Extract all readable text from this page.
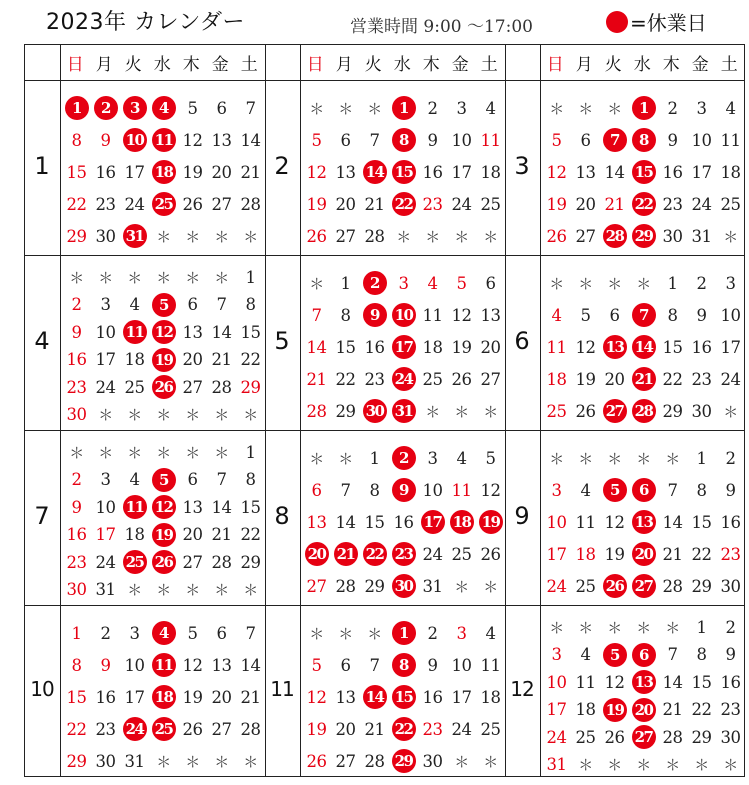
2023年 カレンダー	営業時間 9:00 ～17:00	=休業日
日 月 火 水 木 金 土	日 月 火 水 木 金 土	日 月 火 水 木 金 土
1
1	2	3	4	5	6	7
8	9	10 11 12 13 14
15 16 17 18 19 20 21
22 23 24 25 26 27 28
29 30 31 ＊ ＊ ＊ ＊
2
＊ ＊ ＊	1	2	3	4
5	6	7	8	9 10 11
12 13 14 15 16 17 18
19 20 21 22 23 24 25
26 27 28 ＊ ＊ ＊ ＊
3
＊ ＊ ＊	1	2	3	4
5	6	7	8	9 10 11
12 13 14 15 16 17 18
19 20 21 22 23 24 25
26 27 28 29 30 31 ＊
4
＊ ＊ ＊ ＊ ＊ ＊	1
2	3	4	5	6	7	8
9 10 11 12 13 14 15
16 17 18 19 20 21 22
23 24 25 26 27 28 29
30 ＊ ＊ ＊ ＊ ＊ ＊
5
＊	1	2	3	4	5	6
7	8	9	10 11 12 13
14 15 16 17 18 19 20
21 22 23 24 25 26 27
28 29 30 31 ＊ ＊ ＊
6
＊ ＊ ＊ ＊	1	2	3
4	5	6	7	8	9 10
11 12 13 14 15 16 17
18 19 20 21 22 23 24
25 26 27 28 29 30 ＊
7
＊ ＊ ＊ ＊ ＊ ＊	1
2	3	4	5	6	7	8
9 10 11 12 13 14 15
16 17 18 19 20 21 22
23 24 25 26 27 28 29
30 31 ＊ ＊ ＊ ＊ ＊
8
＊ ＊	1	2	3	4	5
6	7	8	9 10 11 12
13 14 15 16 17 18 19
20 21 22 23 24 25 26
27 28 29 30 31 ＊ ＊
9
＊ ＊ ＊ ＊ ＊	1	2
3	4	5	6	7	8	9
10 11 12 13 14 15 16
17 18 19 20 21 22 23
24 25 26 27 28 29 30
10
1	2	3	4	5	6	7
8	9 10 11 12 13 14
15 16 17 18 19 20 21
22 23 24 25 26 27 28
29 30 31 ＊ ＊ ＊ ＊
11
＊ ＊ ＊	1	2	3	4
5	6	7	8	9 10 11
12 13 14 15 16 17 18
19 20 21 22 23 24 25
26 27 28 29 30 ＊ ＊
12
＊ ＊ ＊ ＊ ＊	1	2
3	4	5	6	7	8	9
10 11 12 13 14 15 16
17 18 19 20 21 22 23
24 25 26 27 28 29 30
31 ＊ ＊ ＊ ＊ ＊ ＊
